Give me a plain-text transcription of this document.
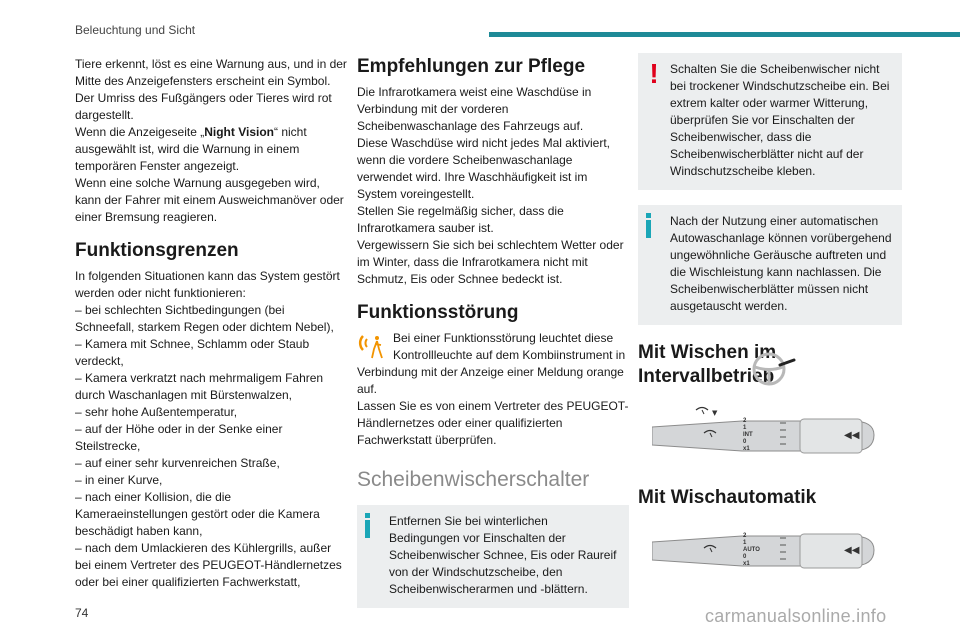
Beleuchtung und Sicht

Tiere erkennt, löst es eine Warnung aus, und in der Mitte des Anzeigefensters erscheint ein Symbol. Der Umriss des Fußgängers oder Tieres wird rot dargestellt.

Wenn die Anzeigeseite „Night Vision“ nicht ausgewählt ist, wird die Warnung in einem temporären Fenster angezeigt.

Wenn eine solche Warnung ausgegeben wird, kann der Fahrer mit einem Ausweichmanöver oder einer Bremsung reagieren.

Funktionsgrenzen

In folgenden Situationen kann das System gestört werden oder nicht funktionieren:

– bei schlechten Sichtbedingungen (bei Schneefall, starkem Regen oder dichtem Nebel),

– Kamera mit Schnee, Schlamm oder Staub verdeckt,

– Kamera verkratzt nach mehrmaligem Fahren durch Waschanlagen mit Bürstenwalzen,

– sehr hohe Außentemperatur,

– auf der Höhe oder in der Senke einer Steilstrecke,

– auf einer sehr kurvenreichen Straße,

– in einer Kurve,

– nach einer Kollision, die die Kameraeinstellungen gestört oder die Kamera beschädigt haben kann,

– nach dem Umlackieren des Kühlergrills, außer bei einem Vertreter des PEUGEOT-Händlernetzes oder bei einer qualifizierten Fachwerkstatt,

Empfehlungen zur Pflege

Die Infrarotkamera weist eine Waschdüse in Verbindung mit der vorderen Scheibenwaschanlage des Fahrzeugs auf.

Diese Waschdüse wird nicht jedes Mal aktiviert, wenn die vordere Scheibenwaschanlage verwendet wird. Ihre Waschhäufigkeit ist im System voreingestellt.

Stellen Sie regelmäßig sicher, dass die Infrarotkamera sauber ist.

Vergewissern Sie sich bei schlechtem Wetter oder im Winter, dass die Infrarotkamera nicht mit Schmutz, Eis oder Schnee bedeckt ist.

Funktionsstörung

Bei einer Funktionsstörung leuchtet diese Kontrollleuchte auf dem Kombiinstrument in Verbindung mit der Anzeige einer Meldung orange auf.

Lassen Sie es von einem Vertreter des PEUGEOT-Händlernetzes oder einer qualifizierten Fachwerkstatt überprüfen.

Scheibenwischerschalter
Entfernen Sie bei winterlichen Bedingungen vor Einschalten der Scheibenwischer Schnee, Eis oder Raureif von der Windschutzscheibe, den Scheibenwischerarmen und -blättern.
! Schalten Sie die Scheibenwischer nicht bei trockener Windschutzscheibe ein. Bei extrem kalter oder warmer Witterung, überprüfen Sie vor Einschalten der Scheibenwischer, dass die Scheibenwischerblätter nicht auf der Windschutzscheibe kleben.
Nach der Nutzung einer automatischen Autowaschanlage können vorübergehend ungewöhnliche Geräusche auftreten und die Wischleistung kann nachlassen. Die Scheibenwischerblätter müssen nicht ausgetauscht werden.
Mit Wischen im Intervallbetrieb
◀◀
▼
2
1
INT
0
x1
Mit Wischautomatik
◀◀
2
1
AUTO
0
x1
74	carmanualsonline.info
